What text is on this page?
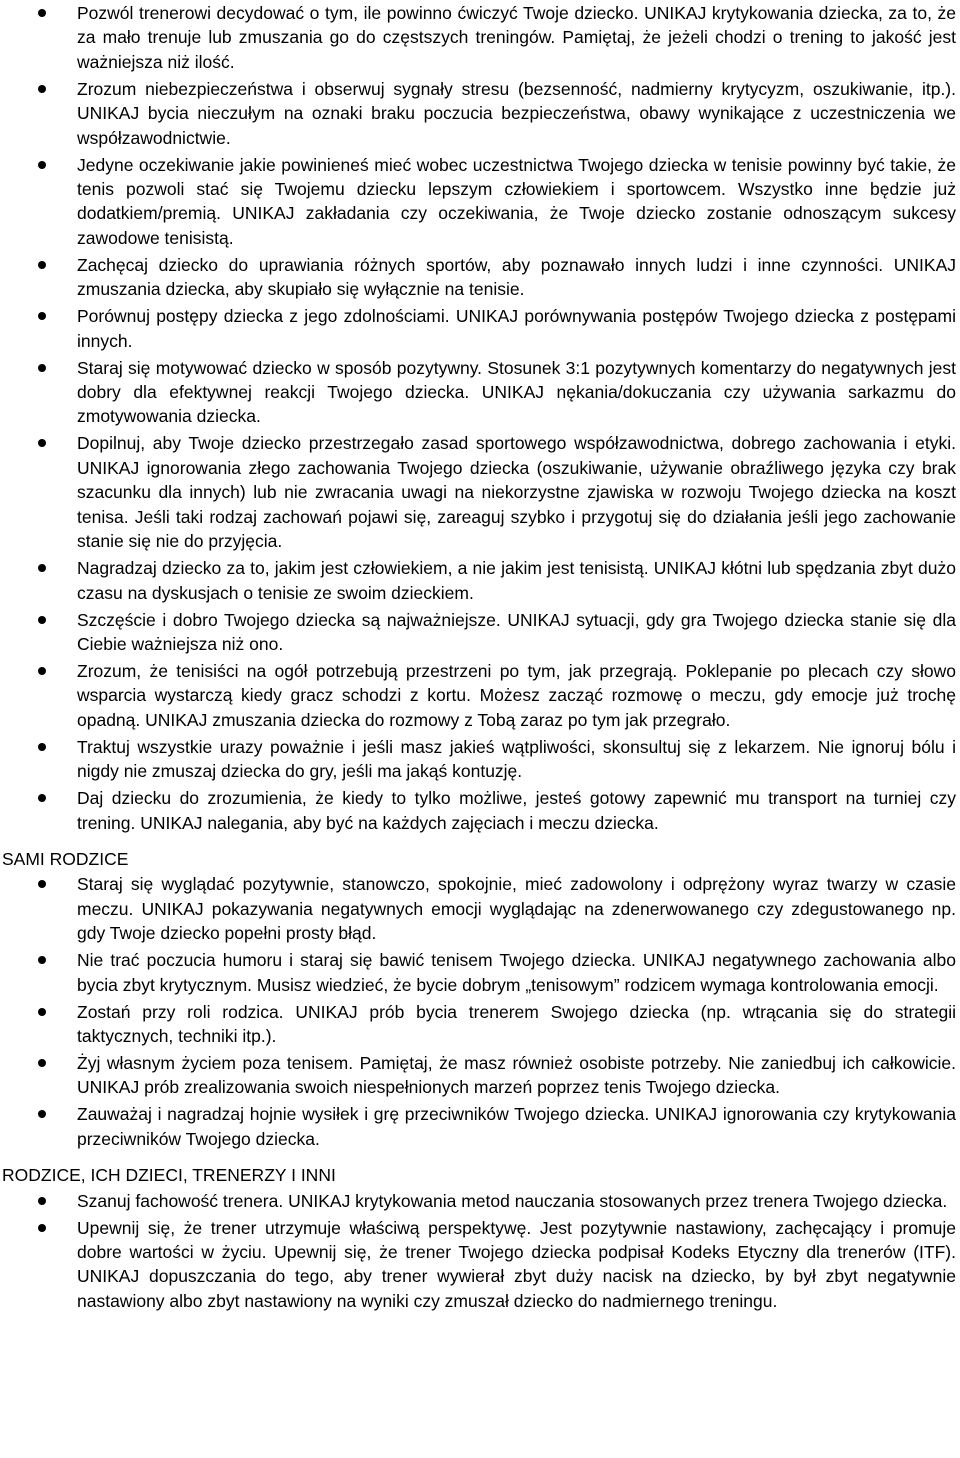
Pozwól trenerowi decydować o tym, ile powinno ćwiczyć Twoje dziecko. UNIKAJ krytykowania dziecka, za to, że za mało trenuje lub zmuszania go do częstszych treningów. Pamiętaj, że jeżeli chodzi o trening to jakość jest ważniejsza niż ilość.
Zrozum niebezpieczeństwa i obserwuj sygnały stresu (bezsenność, nadmierny krytycyzm, oszukiwanie, itp.). UNIKAJ bycia nieczułym na oznaki braku poczucia bezpieczeństwa, obawy wynikające z uczestniczenia we współzawodnictwie.
Jedyne oczekiwanie jakie powinieneś mieć wobec uczestnictwa Twojego dziecka w tenisie powinny być takie, że tenis pozwoli stać się Twojemu dziecku lepszym człowiekiem i sportowcem. Wszystko inne będzie już dodatkiem/premią. UNIKAJ zakładania czy oczekiwania, że Twoje dziecko zostanie odnoszącym sukcesy zawodowe tenisistą.
Zachęcaj dziecko do uprawiania różnych sportów, aby poznawało innych ludzi i inne czynności. UNIKAJ zmuszania dziecka, aby skupiało się wyłącznie na tenisie.
Porównuj postępy dziecka z jego zdolnościami. UNIKAJ porównywania postępów Twojego dziecka z postępami innych.
Staraj się motywować dziecko w sposób pozytywny. Stosunek 3:1 pozytywnych komentarzy do negatywnych jest dobry dla efektywnej reakcji Twojego dziecka. UNIKAJ nękania/dokuczania czy używania sarkazmu do zmotywowania dziecka.
Dopilnuj, aby Twoje dziecko przestrzegało zasad sportowego współzawodnictwa, dobrego zachowania i etyki. UNIKAJ ignorowania złego zachowania Twojego dziecka (oszukiwanie, używanie obraźliwego języka czy brak szacunku dla innych) lub nie zwracania uwagi na niekorzystne zjawiska w rozwoju Twojego dziecka na koszt tenisa. Jeśli taki rodzaj zachowań pojawi się, zareaguj szybko i przygotuj się do działania jeśli jego zachowanie stanie się nie do przyjęcia.
Nagradzaj dziecko za to, jakim jest człowiekiem, a nie jakim jest tenisistą. UNIKAJ kłótni lub spędzania zbyt dużo czasu na dyskusjach o tenisie ze swoim dzieckiem.
Szczęście i dobro Twojego dziecka są najważniejsze. UNIKAJ sytuacji, gdy gra Twojego dziecka stanie się dla Ciebie ważniejsza niż ono.
Zrozum, że tenisiści na ogół potrzebują przestrzeni po tym, jak przegrają. Poklepanie po plecach czy słowo wsparcia wystarczą kiedy gracz schodzi z kortu. Możesz zacząć rozmowę o meczu, gdy emocje już trochę opadną. UNIKAJ zmuszania dziecka do rozmowy z Tobą zaraz po tym jak przegrało.
Traktuj wszystkie urazy poważnie i jeśli masz jakieś wątpliwości, skonsultuj się z lekarzem. Nie ignoruj bólu i nigdy nie zmuszaj dziecka do gry, jeśli ma jakąś kontuzję.
Daj dziecku do zrozumienia, że kiedy to tylko możliwe, jesteś gotowy zapewnić mu transport na turniej czy trening. UNIKAJ nalegania, aby być na każdych zajęciach i meczu dziecka.

SAMI RODZICE

Staraj się wyglądać pozytywnie, stanowczo, spokojnie, mieć zadowolony i odprężony wyraz twarzy w czasie meczu. UNIKAJ pokazywania negatywnych emocji wyglądając na zdenerwowanego czy zdegustowanego np. gdy Twoje dziecko popełni prosty błąd.
Nie trać poczucia humoru i staraj się bawić tenisem Twojego dziecka. UNIKAJ negatywnego zachowania albo bycia zbyt krytycznym. Musisz wiedzieć, że bycie dobrym „tenisowym” rodzicem wymaga kontrolowania emocji.
Zostań przy roli rodzica. UNIKAJ prób bycia trenerem Swojego dziecka (np. wtrącania się do strategii taktycznych, techniki itp.).
Żyj własnym życiem poza tenisem. Pamiętaj, że masz również osobiste potrzeby. Nie zaniedbuj ich całkowicie. UNIKAJ prób zrealizowania swoich niespełnionych marzeń poprzez tenis Twojego dziecka.
Zauważaj i nagradzaj hojnie wysiłek i grę przeciwników Twojego dziecka. UNIKAJ ignorowania czy krytykowania przeciwników Twojego dziecka.

RODZICE, ICH DZIECI, TRENERZY I INNI

Szanuj fachowość trenera. UNIKAJ krytykowania metod nauczania stosowanych przez trenera Twojego dziecka.
Upewnij się, że trener utrzymuje właściwą perspektywę. Jest pozytywnie nastawiony, zachęcający i promuje dobre wartości w życiu. Upewnij się, że trener Twojego dziecka podpisał Kodeks Etyczny dla trenerów (ITF). UNIKAJ dopuszczania do tego, aby trener wywierał zbyt duży nacisk na dziecko, by był zbyt negatywnie nastawiony albo zbyt nastawiony na wyniki czy zmuszał dziecko do nadmiernego treningu.
